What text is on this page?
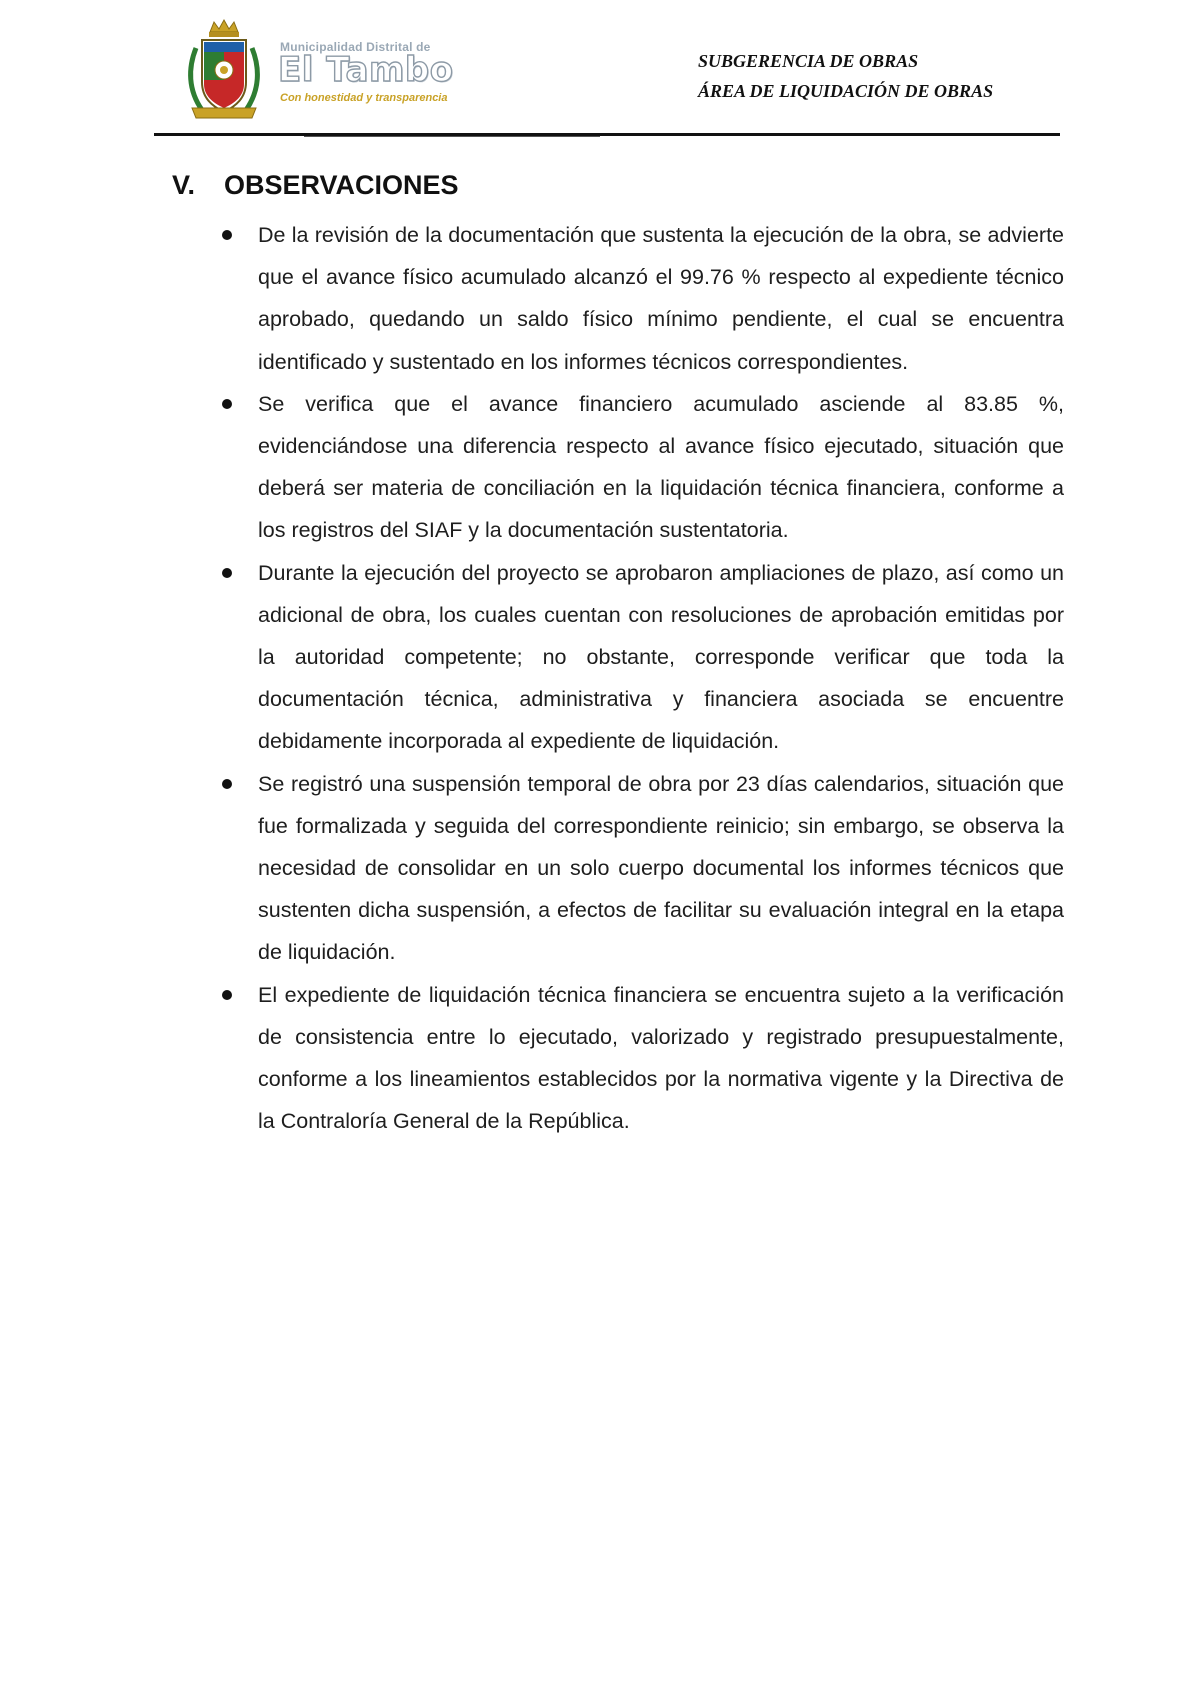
Municipalidad Distrital de
El Tambo
Con honestidad y transparencia
SUBGERENCIA DE OBRAS
ÁREA DE LIQUIDACIÓN DE OBRAS
V. OBSERVACIONES
De la revisión de la documentación que sustenta la ejecución de la obra, se advierte que el avance físico acumulado alcanzó el 99.76 % respecto al expediente técnico aprobado, quedando un saldo físico mínimo pendiente, el cual se encuentra identificado y sustentado en los informes técnicos correspondientes.
Se verifica que el avance financiero acumulado asciende al 83.85 %, evidenciándose una diferencia respecto al avance físico ejecutado, situación que deberá ser materia de conciliación en la liquidación técnica financiera, conforme a los registros del SIAF y la documentación sustentatoria.
Durante la ejecución del proyecto se aprobaron ampliaciones de plazo, así como un adicional de obra, los cuales cuentan con resoluciones de aprobación emitidas por la autoridad competente; no obstante, corresponde verificar que toda la documentación técnica, administrativa y financiera asociada se encuentre debidamente incorporada al expediente de liquidación.
Se registró una suspensión temporal de obra por 23 días calendarios, situación que fue formalizada y seguida del correspondiente reinicio; sin embargo, se observa la necesidad de consolidar en un solo cuerpo documental los informes técnicos que sustenten dicha suspensión, a efectos de facilitar su evaluación integral en la etapa de liquidación.
El expediente de liquidación técnica financiera se encuentra sujeto a la verificación de consistencia entre lo ejecutado, valorizado y registrado presupuestalmente, conforme a los lineamientos establecidos por la normativa vigente y la Directiva de la Contraloría General de la República.
